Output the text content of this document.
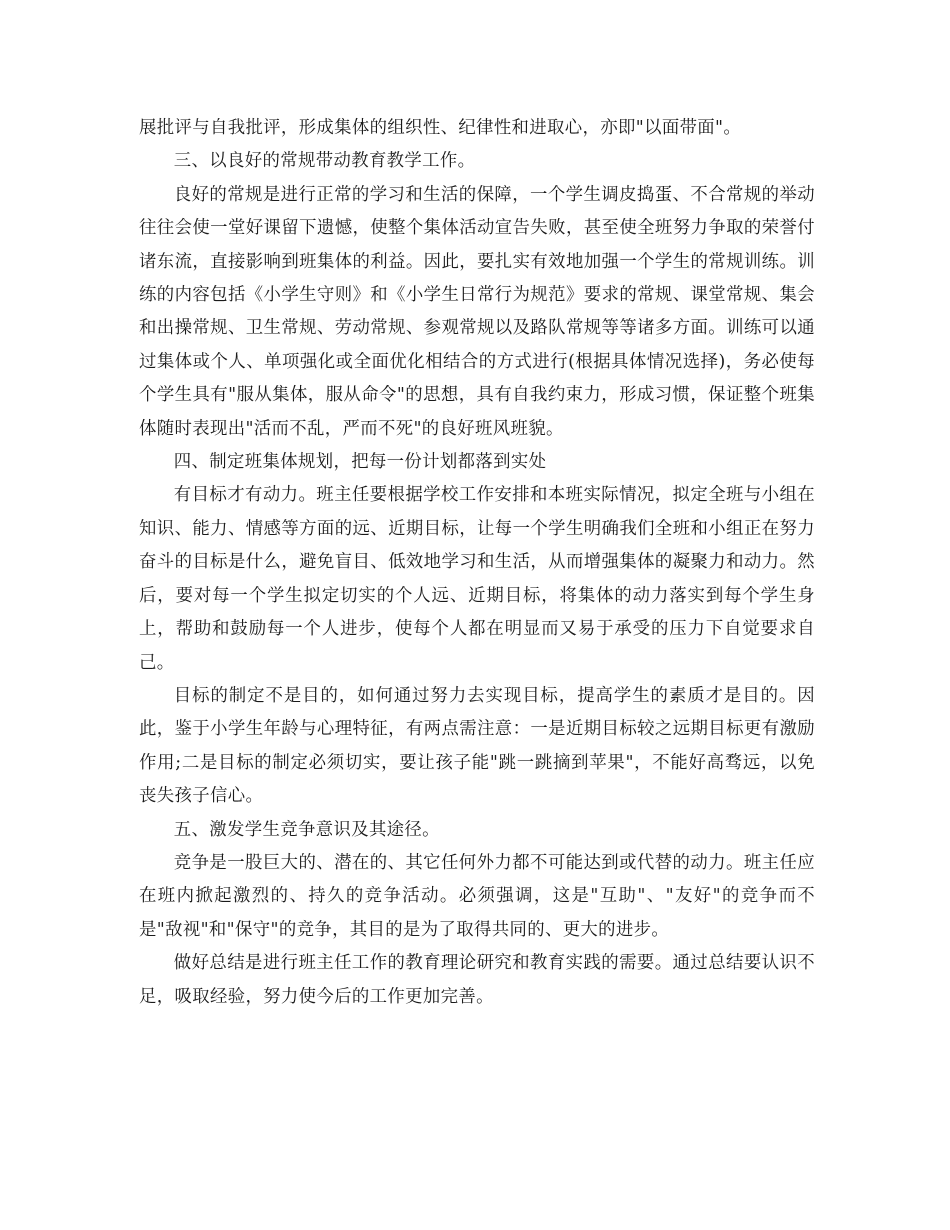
展批评与自我批评，形成集体的组织性、纪律性和进取心，亦即"以面带面"。

三、以良好的常规带动教育教学工作。

良好的常规是进行正常的学习和生活的保障，一个学生调皮捣蛋、不合常规的举动往往会使一堂好课留下遗憾，使整个集体活动宣告失败，甚至使全班努力争取的荣誉付诸东流，直接影响到班集体的利益。因此，要扎实有效地加强一个学生的常规训练。训练的内容包括《小学生守则》和《小学生日常行为规范》要求的常规、课堂常规、集会和出操常规、卫生常规、劳动常规、参观常规以及路队常规等等诸多方面。训练可以通过集体或个人、单项强化或全面优化相结合的方式进行(根据具体情况选择)，务必使每个学生具有"服从集体，服从命令"的思想，具有自我约束力，形成习惯，保证整个班集体随时表现出"活而不乱，严而不死"的良好班风班貌。

四、制定班集体规划，把每一份计划都落到实处

有目标才有动力。班主任要根据学校工作安排和本班实际情况，拟定全班与小组在知识、能力、情感等方面的远、近期目标，让每一个学生明确我们全班和小组正在努力奋斗的目标是什么，避免盲目、低效地学习和生活，从而增强集体的凝聚力和动力。然后，要对每一个学生拟定切实的个人远、近期目标，将集体的动力落实到每个学生身上，帮助和鼓励每一个人进步，使每个人都在明显而又易于承受的压力下自觉要求自己。

目标的制定不是目的，如何通过努力去实现目标，提高学生的素质才是目的。因此，鉴于小学生年龄与心理特征，有两点需注意：一是近期目标较之远期目标更有激励作用;二是目标的制定必须切实，要让孩子能"跳一跳摘到苹果"，不能好高骛远，以免丧失孩子信心。

五、激发学生竞争意识及其途径。

竞争是一股巨大的、潜在的、其它任何外力都不可能达到或代替的动力。班主任应在班内掀起激烈的、持久的竞争活动。必须强调，这是"互助"、"友好"的竞争而不是"敌视"和"保守"的竞争，其目的是为了取得共同的、更大的进步。

做好总结是进行班主任工作的教育理论研究和教育实践的需要。通过总结要认识不足，吸取经验，努力使今后的工作更加完善。
